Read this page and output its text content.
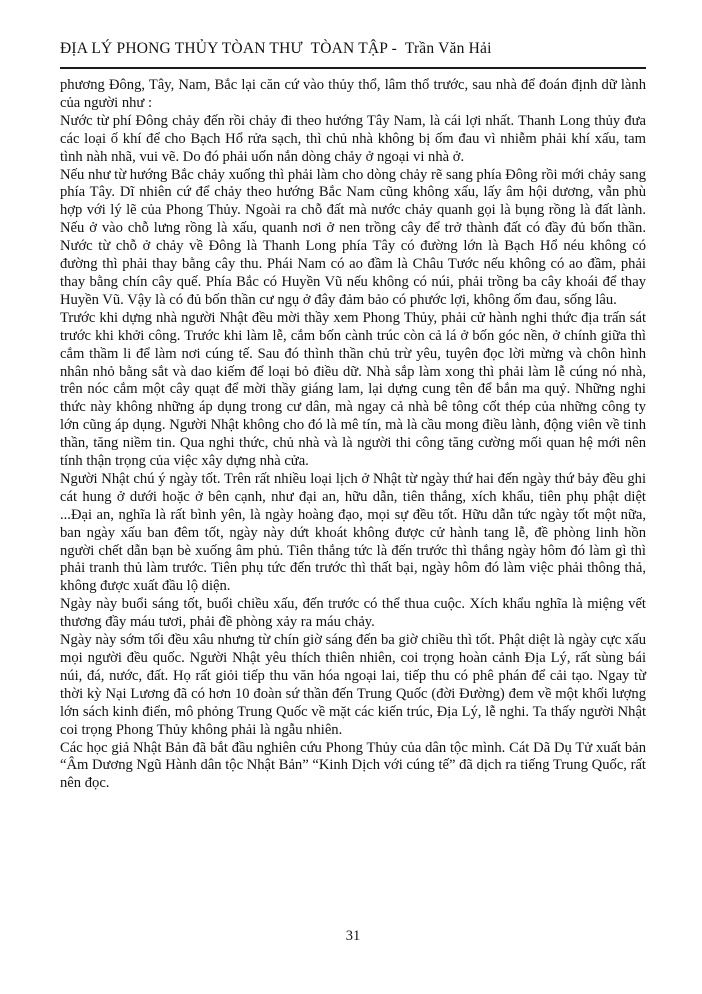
ĐỊA LÝ PHONG THỦY TÒAN THƯ  TÒAN TẬP -  Trần Văn Hải

phương Đông, Tây, Nam, Bắc lại căn cứ vào thủy thổ, lâm thổ trước, sau nhà để đoán định dữ lành của người như :

Nước từ phí Đông chảy đến rồi chảy đi theo hướng Tây Nam, là cái lợi nhất. Thanh Long thủy đưa các loại ố khí để cho Bạch Hổ rửa sạch, thì chủ nhà không bị ốm đau vì nhiễm phải khí xấu, tam tình nàh nhã, vui vẽ. Do đó phải uốn nắn dòng chảy ở ngoại vi nhà ở.

Nếu như từ hướng Bắc chảy xuống thì phải làm cho dòng chảy rẽ sang phía Đông rồi mới chảy sang phía Tây. Dĩ nhiên cứ để chảy theo hướng Bắc Nam cũng không xấu, lấy âm hội dương, vẫn phù hợp với lý lẽ của Phong Thủy. Ngoài ra chỗ đất mà nước chảy quanh gọi là bụng rồng là đất lành. Nếu ở vào chỗ lưng rồng là xấu, quanh nơi ở nen trồng cây để trở thành đất có đầy đủ bốn thần. Nước từ chỗ ở chảy về Đông là Thanh Long phía Tây có đường lớn là Bạch Hổ néu không có đường thì phải thay bằng cây thu. Phái Nam có ao đầm là Châu Tước nếu không có ao đầm, phải thay bằng chín cây quế. Phía Bắc có Huyền Vũ nếu không có núi, phải trồng ba cây khoái để thay Huyền Vũ. Vậy là có đủ bốn thần cư ngụ ở đây đảm bảo có phước lợi, không ốm đau, sống lâu.

Trước khi dựng nhà người Nhật đều mời thầy xem Phong Thủy, phải cử hành nghi thức địa trấn sát trước khi khởi công. Trước khi làm lễ, cắm bốn cành trúc còn cả lá ở bốn góc nền, ở chính giữa thì cắm thầm li để làm nơi cúng tế. Sau đó thình thần chủ trừ yêu, tuyên đọc lời mừng và chôn hình nhân nhỏ bằng sắt và dao kiếm để loại bỏ điều dữ. Nhà sắp làm xong thì phải làm lễ cúng nó nhà, trên nóc cắm một cây quạt để mời thầy giáng lam, lại dựng cung tên để bắn ma quỷ. Những nghi thức này không những áp dụng trong cư dân, mà ngay cả nhà bê tông cốt thép của những công ty lớn cũng áp dụng. Người Nhật không cho đó là mê tín, mà là cầu mong điều lành, động viên về tinh thần, tăng niềm tin. Qua nghi thức, chủ nhà và là người thi công tăng cường mối quan hệ mới nên tính thận trọng của việc xây dựng nhà cửa.

Người Nhật chú ý ngày tốt. Trên rất nhiều loại lịch ở Nhật từ ngày thứ hai đến ngày thứ bảy đều ghi cát hung ở dưới hoặc ở bên cạnh, như đại an, hữu dẫn, tiên thắng, xích khẩu, tiên phụ phật diệt ...Đại an, nghĩa là rất bình yên, là ngày hoàng đạo, mọi sự đều tốt. Hữu dẫn tức ngày tốt một nữa, ban ngày xấu ban đêm tốt, ngày này dứt khoát không được cử hành tang lễ, đề phòng linh hồn người chết dẫn bạn bè xuống âm phủ. Tiên thắng tức là đến trước thì thắng ngày hôm đó làm gì thì phải tranh thủ làm trước. Tiên phụ tức đến trước thì thất bại, ngày hôm đó làm việc phải thông thả, không được xuất đầu lộ diện.

Ngày này buổi sáng tốt, buổi chiều xấu, đến trước có thể thua cuộc. Xích khẩu nghĩa là miệng vết thương đầy máu tươi, phải đề phòng xảy ra máu chảy.

Ngày này sớm tối đều xâu nhưng từ chín giờ sáng đến ba giờ chiều thì tốt. Phật diệt là ngày cực xấu mọi người đều quốc. Người Nhật yêu thích thiên nhiên, coi trọng hoàn cảnh Địa Lý, rất sùng bái núi, đá, nước, đất. Họ rất giỏi tiếp thu văn hóa ngoại lai, tiếp thu có phê phán để cải tạo. Ngay từ thời kỳ Nại Lương đã có hơn 10 đoàn sứ thần đến Trung Quốc (đời Đường) đem về một khối lượng lớn sách kinh điển, mô phỏng Trung Quốc về mặt các kiến trúc, Địa Lý, lễ nghi. Ta thấy người Nhật coi trọng Phong Thủy không phải là ngẫu nhiên.

Các học giả Nhật Bản đã bắt đầu nghiên cứu Phong Thủy của dân tộc mình. Cát Dã Dụ Tử xuất bản “Âm Dương Ngũ Hành dân tộc Nhật Bản” “Kinh Dịch với cúng tế” đã dịch ra tiếng Trung Quốc, rất nên đọc.

31
